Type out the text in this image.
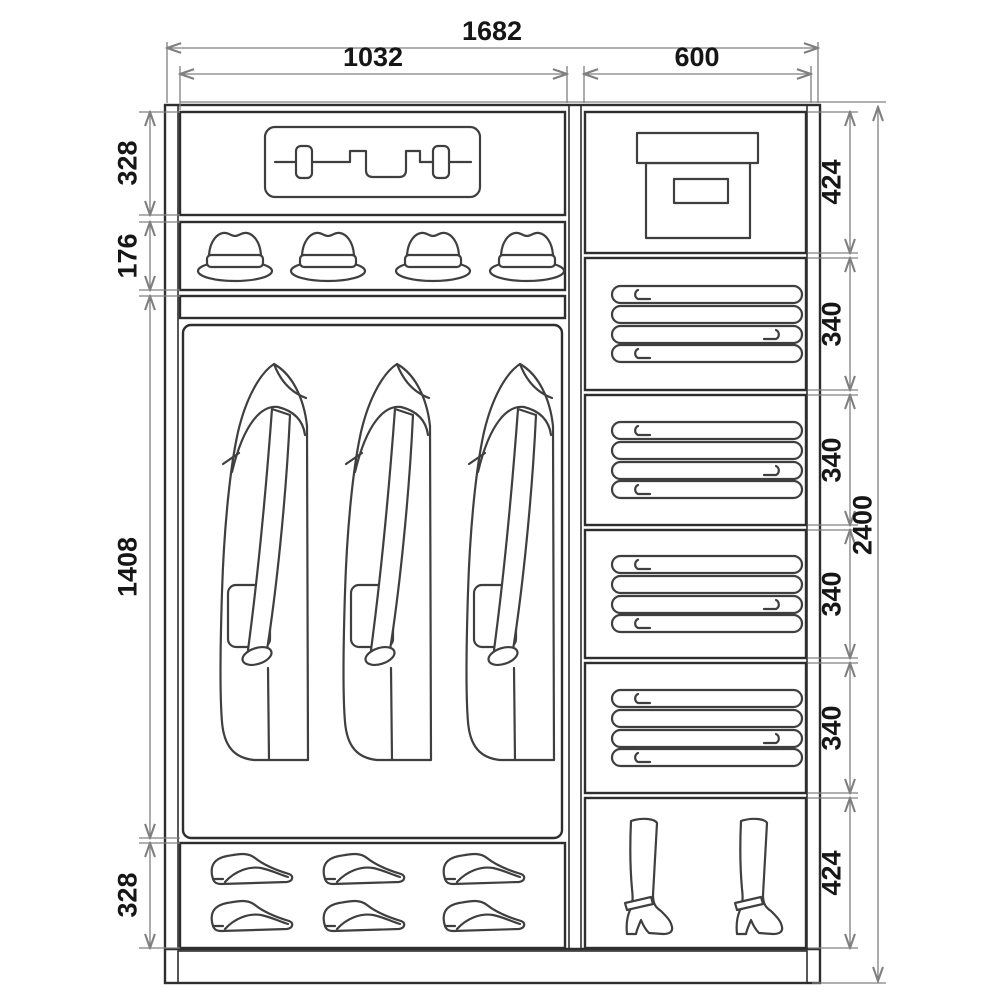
1682
1032	600
328
176
1408
328
424
340
340
340
340
424
2400
